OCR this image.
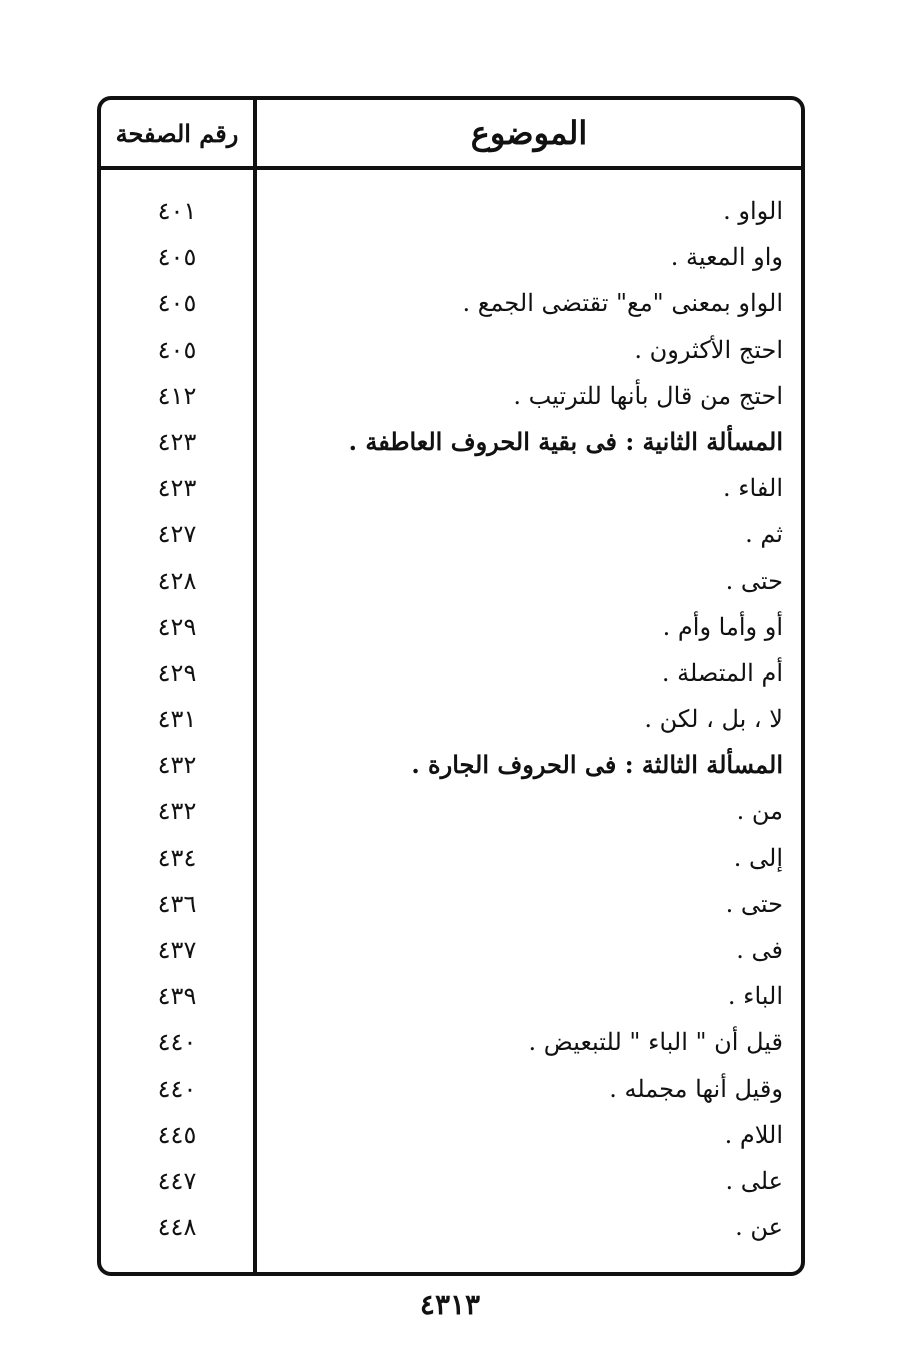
الموضوع
رقم الصفحة
الواو .
٤٠١
واو المعية .
٤٠٥
الواو بمعنى "مع" تقتضى الجمع .
٤٠٥
احتج الأكثرون .
٤٠٥
احتج من قال بأنها للترتيب .
٤١٢
المسألة الثانية : فى بقية الحروف العاطفة .
٤٢٣
الفاء .
٤٢٣
ثم .
٤٢٧
حتى .
٤٢٨
أو وأما وأم .
٤٢٩
أم المتصلة .
٤٢٩
لا ، بل ، لكن .
٤٣١
المسألة الثالثة : فى الحروف الجارة .
٤٣٢
من .
٤٣٢
إلى .
٤٣٤
حتى .
٤٣٦
فى .
٤٣٧
الباء .
٤٣٩
قيل أن " الباء " للتبعيض .
٤٤٠
وقيل أنها مجمله .
٤٤٠
اللام .
٤٤٥
على .
٤٤٧
عن .
٤٤٨
٤٣١٣
